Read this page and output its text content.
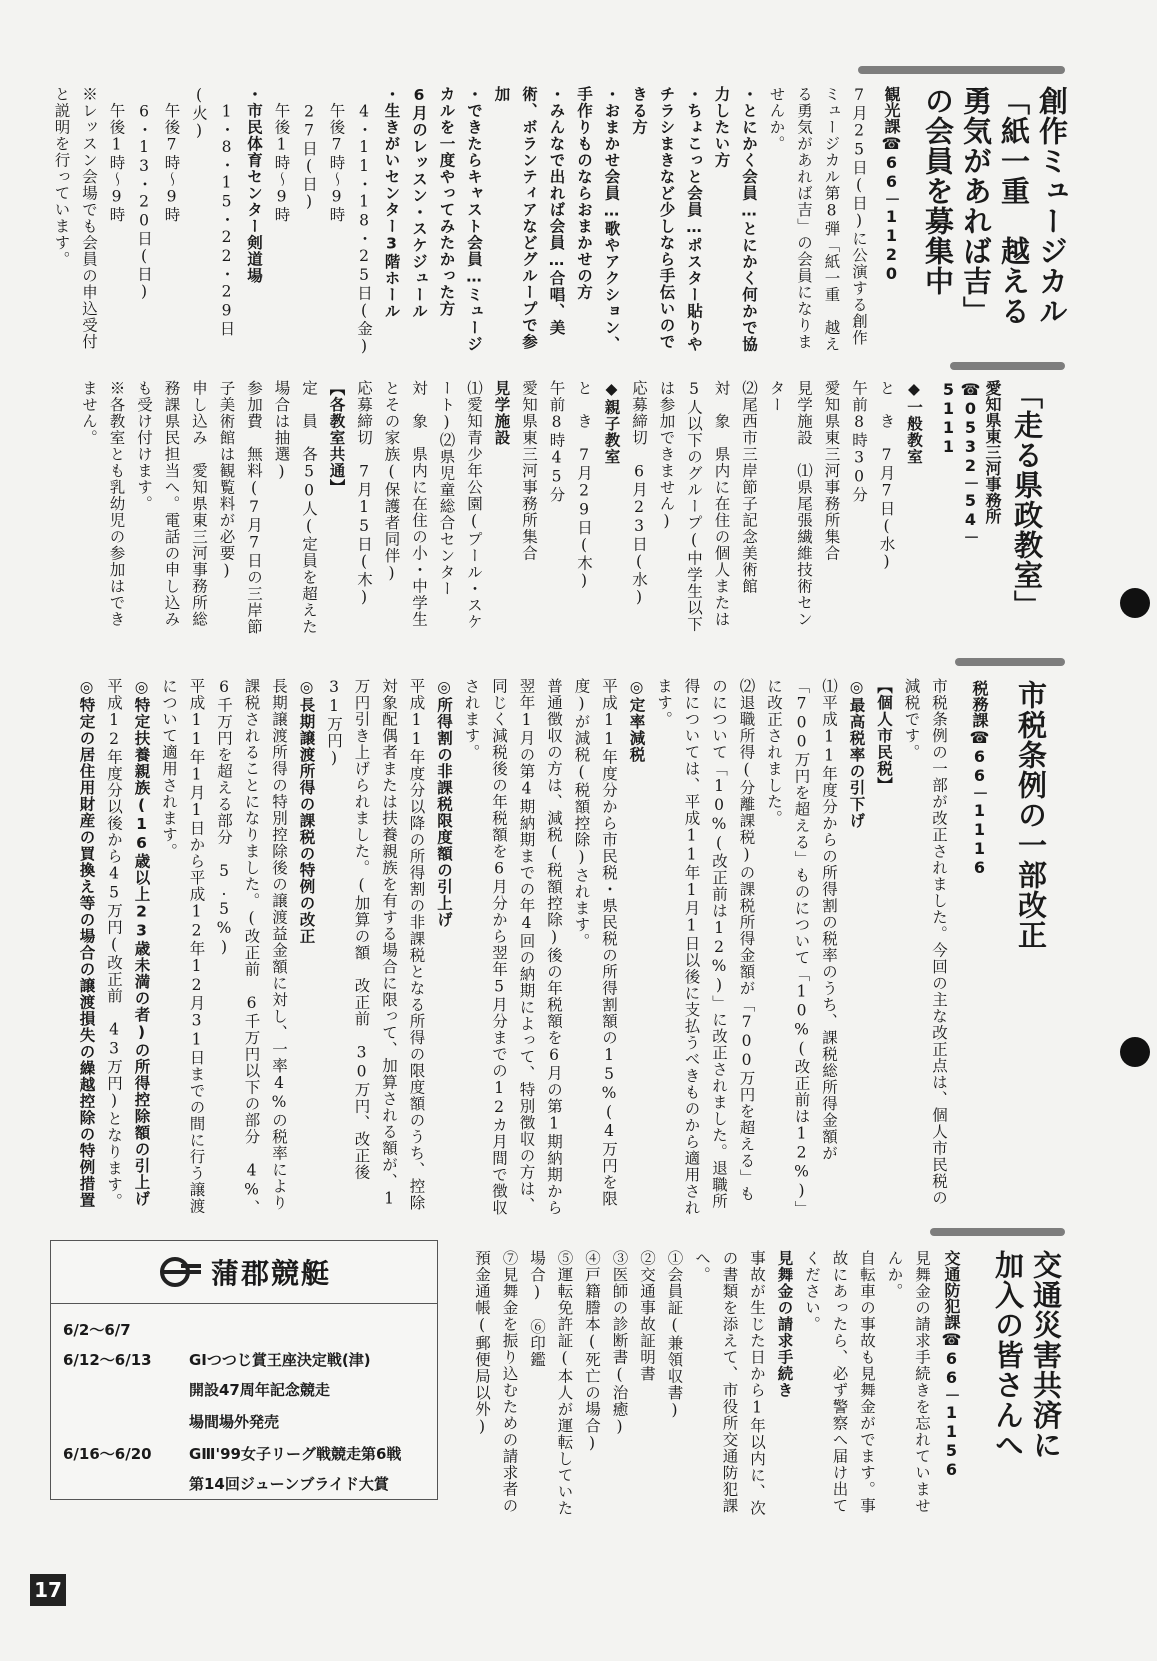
創作ミュージカル「紙一重　越える勇気があれば吉」の会員を募集中
観光課☎66－1120

7月25日(日)に公演する創作ミュージカル第8弾「紙一重　越える勇気があれば吉」の会員になりませんか。

・とにかく会員…とにかく何かで協力したい方

・ちょこっと会員…ポスター貼りやチラシまきなど少しなら手伝いのできる方

・おまかせ会員…歌やアクション、手作りものならおまかせの方

・みんなで出れば会員…合唱、美術、ボランティアなどグループで参加

・できたらキャスト会員…ミュージカルを一度やってみたかった方

6月のレッスン・スケジュール

・生きがいセンター3階ホール

　4・11・18・25日(金)

　午後7時～9時

　27日(日)

　午後1時～9時

・市民体育センター剣道場

　1・8・15・22・29日(火)

　午後7時～9時

　6・13・20日(日)

　午後1時～9時

※レッスン会場でも会員の申込受付と説明を行っています。

「走る県政教室」
愛知県東三河事務所☎0532－54－5111

◆一般教室

と　き　7月7日(水)

午前8時30分

愛知県東三河事務所集合

見学施設　⑴県尾張繊維技術センター

⑵尾西市三岸節子記念美術館

対　象　県内に在住の個人または5人以下のグループ(中学生以下は参加できません)

応募締切　6月23日(水)

◆親子教室

と　き　7月29日(木)

午前8時45分

愛知県東三河事務所集合

見学施設

⑴愛知青少年公園(プール・スケート)⑵県児童総合センター

対　象　県内に在住の小・中学生とその家族(保護者同伴)

応募締切　7月15日(木)

【各教室共通】

定　員　各50人(定員を超えた場合は抽選)

参加費　無料(7月7日の三岸節子美術館は観覧料が必要)

申し込み　愛知県東三河事務所総務課県民担当へ。電話の申し込みも受け付けます。

※各教室とも乳幼児の参加はできません。

市税条例の一部改正
税務課☎66－1116

市税条例の一部が改正されました。今回の主な改正点は、個人市民税の減税です。

【個人市民税】

◎最高税率の引下げ

⑴平成11年度分からの所得割の税率のうち、課税総所得金額が「700万円を超える」ものについて「10%(改正前は12%)」に改正されました。

⑵退職所得(分離課税)の課税所得金額が「700万円を超える」ものについて「10%(改正前は12%)」に改正されました。退職所得については、平成11年1月1日以後に支払うべきものから適用されます。

◎定率減税

平成11年度分から市民税・県民税の所得割額の15%(4万円を限度)が減税(税額控除)されます。

普通徴収の方は、減税(税額控除)後の年税額を6月の第1期納期から翌年1月の第4期納期までの年4回の納期によって、特別徴収の方は、同じく減税後の年税額を6月分から翌年5月分までの12カ月間で徴収されます。

◎所得割の非課税限度額の引上げ

平成11年度分以降の所得割の非課税となる所得の限度額のうち、控除対象配偶者または扶養親族を有する場合に限って、加算される額が、1万円引き上げられました。(加算の額　改正前　30万円、改正後　31万円)

◎長期譲渡所得の課税の特例の改正

長期譲渡所得の特別控除後の譲渡益金額に対し、一率4%の税率により課税されることになりました。(改正前　6千万円以下の部分　4%、6千万円を超える部分　5.5%)

平成11年1月1日から平成12年12月31日までの間に行う譲渡について適用されます。

◎特定扶養親族(16歳以上23歳未満の者)の所得控除額の引上げ

平成12年度分以後から45万円(改正前　43万円)となります。

◎特定の居住用財産の買換え等の場合の譲渡損失の繰越控除の特例措置

交通災害共済に加入の皆さんへ
交通防犯課☎66－1156

見舞金の請求手続きを忘れていませんか。

自転車の事故も見舞金がでます。事故にあったら、必ず警察へ届け出てください。

見舞金の請求手続き

事故が生じた日から1年以内に、次の書類を添えて、市役所交通防犯課へ。

①会員証(兼領収書)

②交通事故証明書

③医師の診断書(治癒)

④戸籍謄本(死亡の場合)

⑤運転免許証(本人が運転していた場合)　⑥印鑑

⑦見舞金を振り込むための請求者の預金通帳(郵便局以外)

蒲郡競艇
6/2～6/7
6/12～6/13 GⅠつつじ賞王座決定戦(津)
開設47周年記念競走
場間場外発売
6/16～6/20 GⅢ'99女子リーグ戦競走第6戦
第14回ジューンブライド大賞
17
